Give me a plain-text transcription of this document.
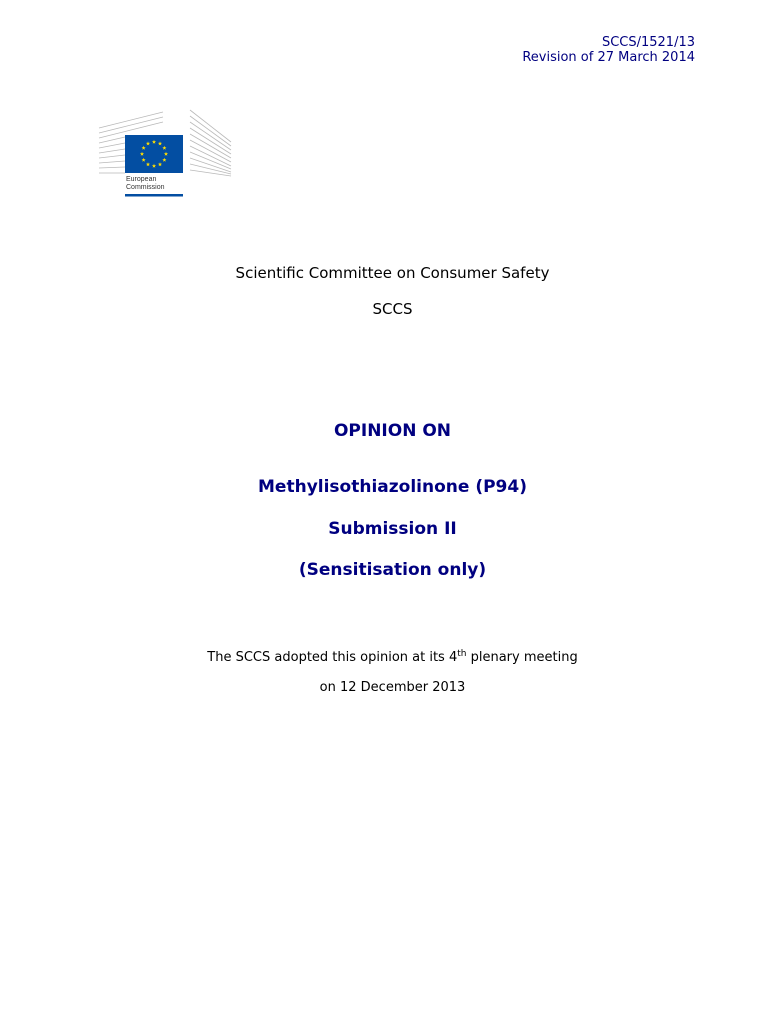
SCCS/1521/13
Revision of 27 March 2014
European
Commission
Scientific Committee on Consumer Safety
SCCS
OPINION ON
Methylisothiazolinone (P94)
Submission II
(Sensitisation only)
The SCCS adopted this opinion at its 4th plenary meeting
on 12 December 2013
